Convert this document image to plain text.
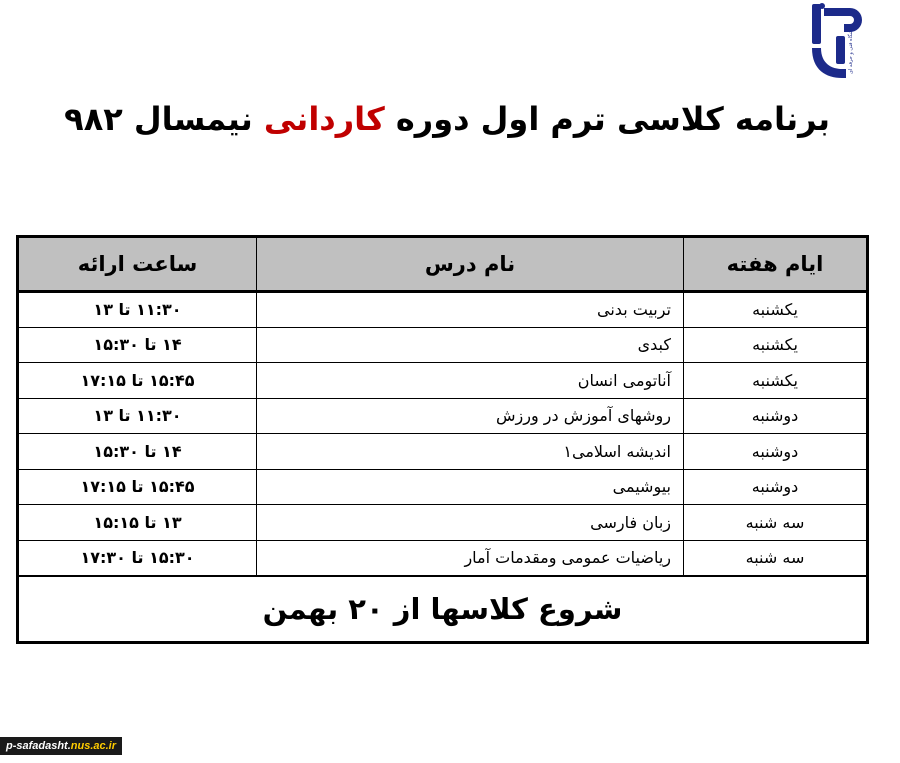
دانشگاه فنی و حرفه ای
برنامه کلاسی ترم اول دوره کاردانی نیمسال ۹۸۲
ایام هفته	نام درس	ساعت ارائه
یکشنبه	تربیت بدنی	۱۱:۳۰ تا ۱۳
یکشنبه	کبدی	۱۴ تا ۱۵:۳۰
یکشنبه	آناتومی انسان	۱۵:۴۵ تا ۱۷:۱۵
دوشنبه	روشهای آموزش در ورزش	۱۱:۳۰ تا ۱۳
دوشنبه	اندیشه اسلامی۱	۱۴ تا ۱۵:۳۰
دوشنبه	بیوشیمی	۱۵:۴۵ تا ۱۷:۱۵
سه شنبه	زبان فارسی	۱۳ تا ۱۵:۱۵
سه شنبه	ریاضیات عمومی ومقدمات آمار	۱۵:۳۰ تا ۱۷:۳۰
شروع کلاسها از ۲۰ بهمن		
p-safadasht.nus.ac.ir
